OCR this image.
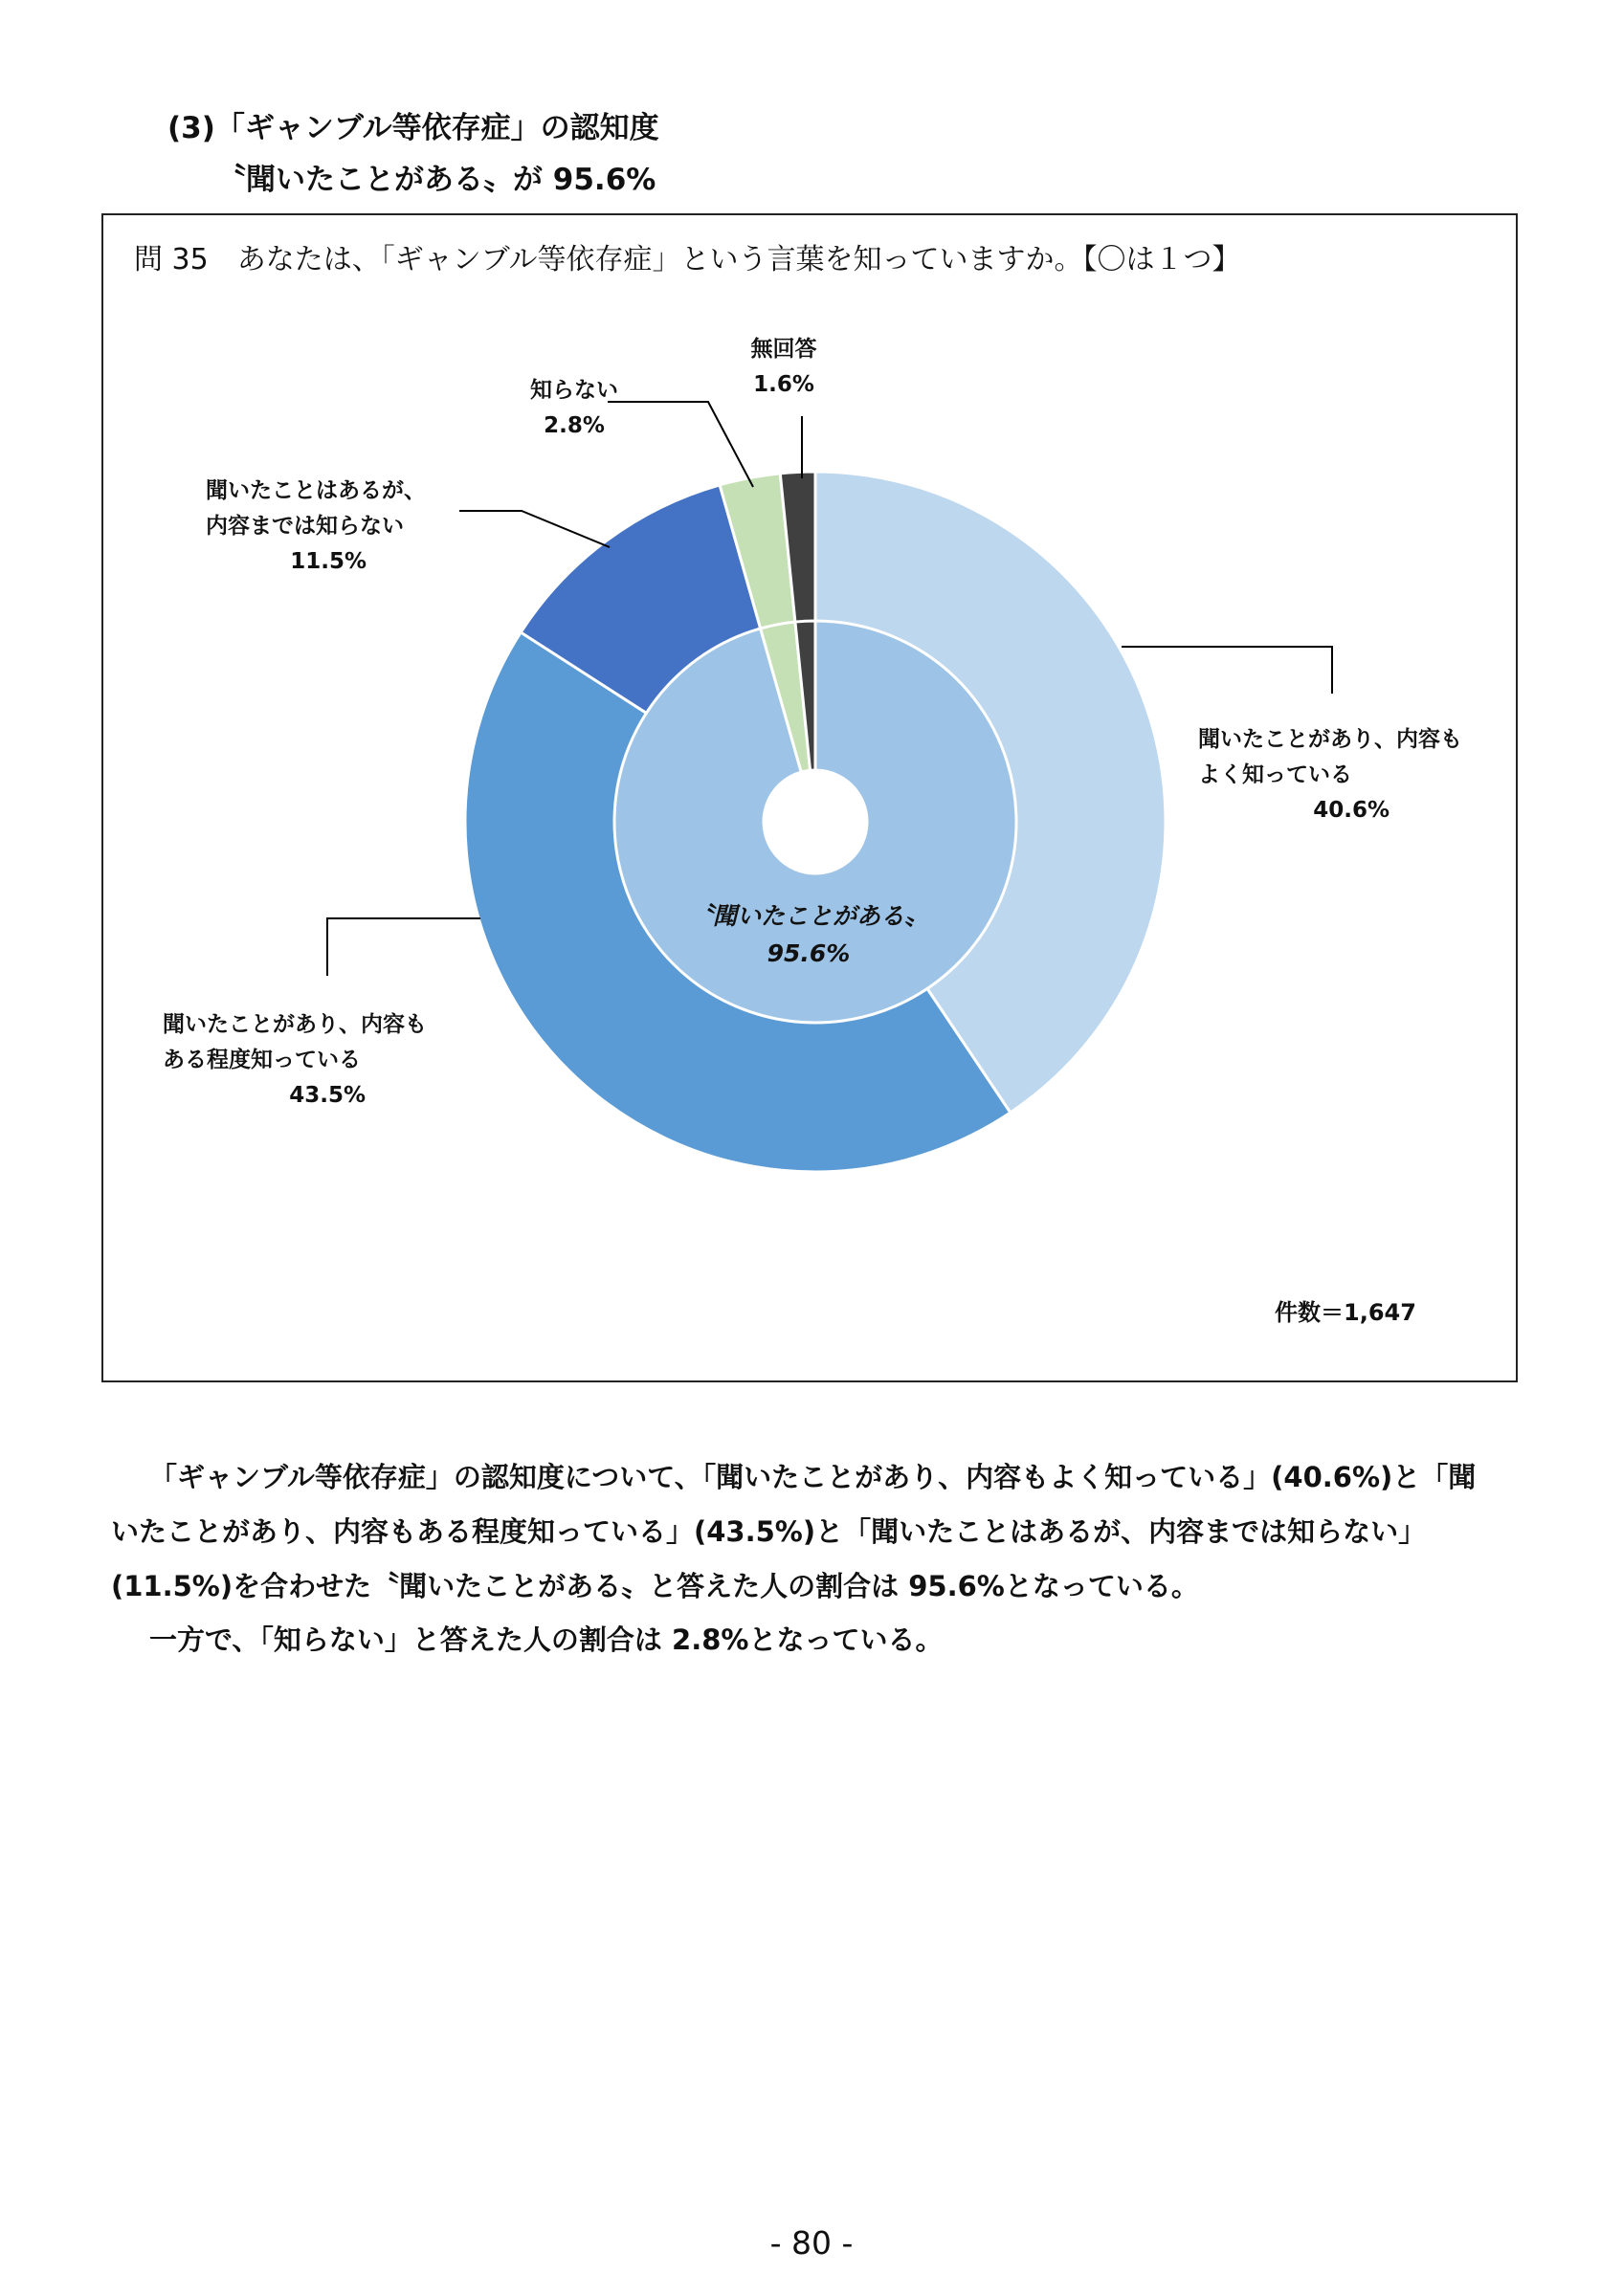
(3)「ギャンブル等依存症」の認知度
〝聞いたことがある〟が 95.6%
問 35　あなたは、「ギャンブル等依存症」という言葉を知っていますか。【〇は１つ】
聞いたことがあり、内容もよく知っている
40.6%
聞いたことがあり、内容もある程度知っている
43.5%
聞いたことはあるが、内容までは知らない
11.5%
知らない
2.8%
無回答
1.6%
〝聞いたことがある〟
95.6%
件数＝1,647
「ギャンブル等依存症」の認知度について、「聞いたことがあり、内容もよく知っている」(40.6%)と「聞いたことがあり、内容もある程度知っている」(43.5%)と「聞いたことはあるが、内容までは知らない」(11.5%)を合わせた〝聞いたことがある〟と答えた人の割合は 95.6%となっている。
一方で、「知らない」と答えた人の割合は 2.8%となっている。
- 80 -
